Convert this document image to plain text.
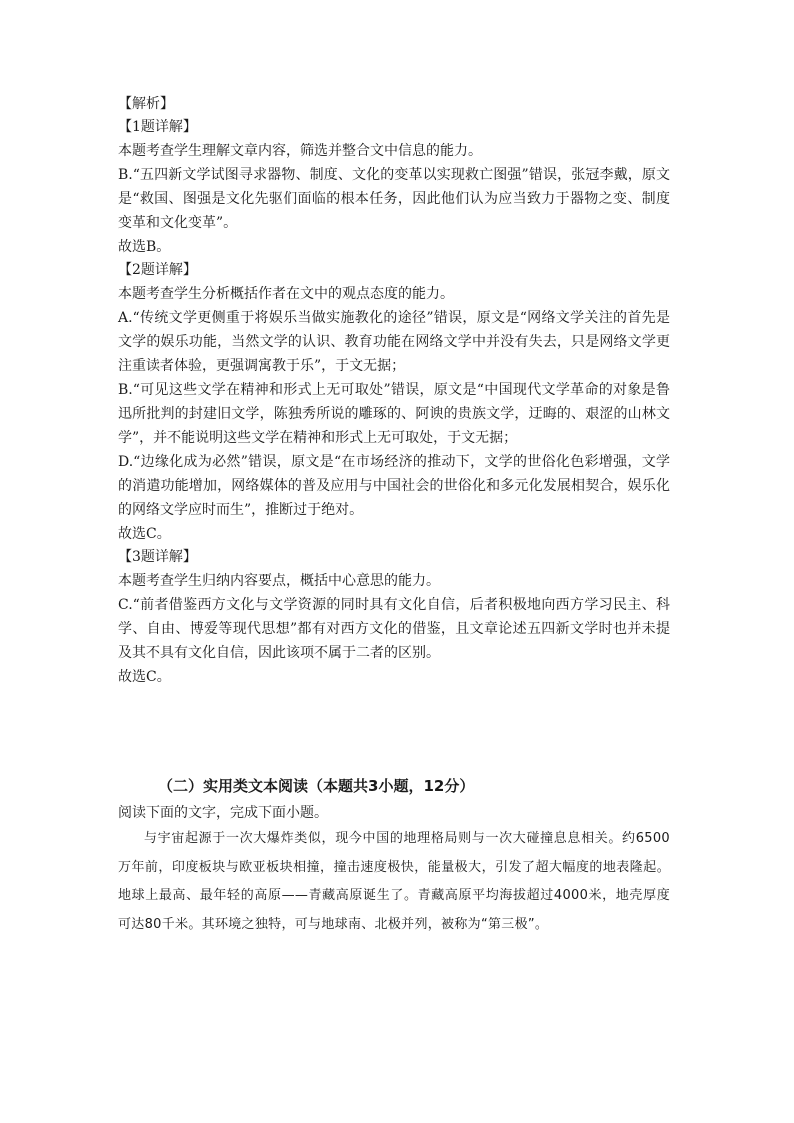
【解析】
【1题详解】
本题考查学生理解文章内容，筛选并整合文中信息的能力。
B.“五四新文学试图寻求器物、制度、文化的变革以实现救亡图强”错误，张冠李戴，原文是“救国、图强是文化先驱们面临的根本任务，因此他们认为应当致力于器物之变、制度变革和文化变革”。
故选B。
【2题详解】
本题考查学生分析概括作者在文中的观点态度的能力。
A.“传统文学更侧重于将娱乐当做实施教化的途径”错误，原文是“网络文学关注的首先是文学的娱乐功能，当然文学的认识、教育功能在网络文学中并没有失去，只是网络文学更注重读者体验，更强调寓教于乐”，于文无据；
B.“可见这些文学在精神和形式上无可取处”错误，原文是“中国现代文学革命的对象是鲁迅所批判的封建旧文学，陈独秀所说的雕琢的、阿谀的贵族文学，迂晦的、艰涩的山林文学”，并不能说明这些文学在精神和形式上无可取处，于文无据；
D.“边缘化成为必然”错误，原文是“在市场经济的推动下，文学的世俗化色彩增强，文学的消遣功能增加，网络媒体的普及应用与中国社会的世俗化和多元化发展相契合，娱乐化的网络文学应时而生”，推断过于绝对。
故选C。
【3题详解】
本题考查学生归纳内容要点，概括中心意思的能力。
C.“前者借鉴西方文化与文学资源的同时具有文化自信，后者积极地向西方学习民主、科学、自由、博爱等现代思想”都有对西方文化的借鉴，且文章论述五四新文学时也并未提及其不具有文化自信，因此该项不属于二者的区别。
故选C。
（二）实用类文本阅读（本题共3小题，12分）
阅读下面的文字，完成下面小题。
与宇宙起源于一次大爆炸类似，现今中国的地理格局则与一次大碰撞息息相关。约6500万年前，印度板块与欧亚板块相撞，撞击速度极快，能量极大，引发了超大幅度的地表隆起。地球上最高、最年轻的高原——青藏高原诞生了。青藏高原平均海拔超过4000米，地壳厚度可达80千米。其环境之独特，可与地球南、北极并列，被称为“第三极”。
